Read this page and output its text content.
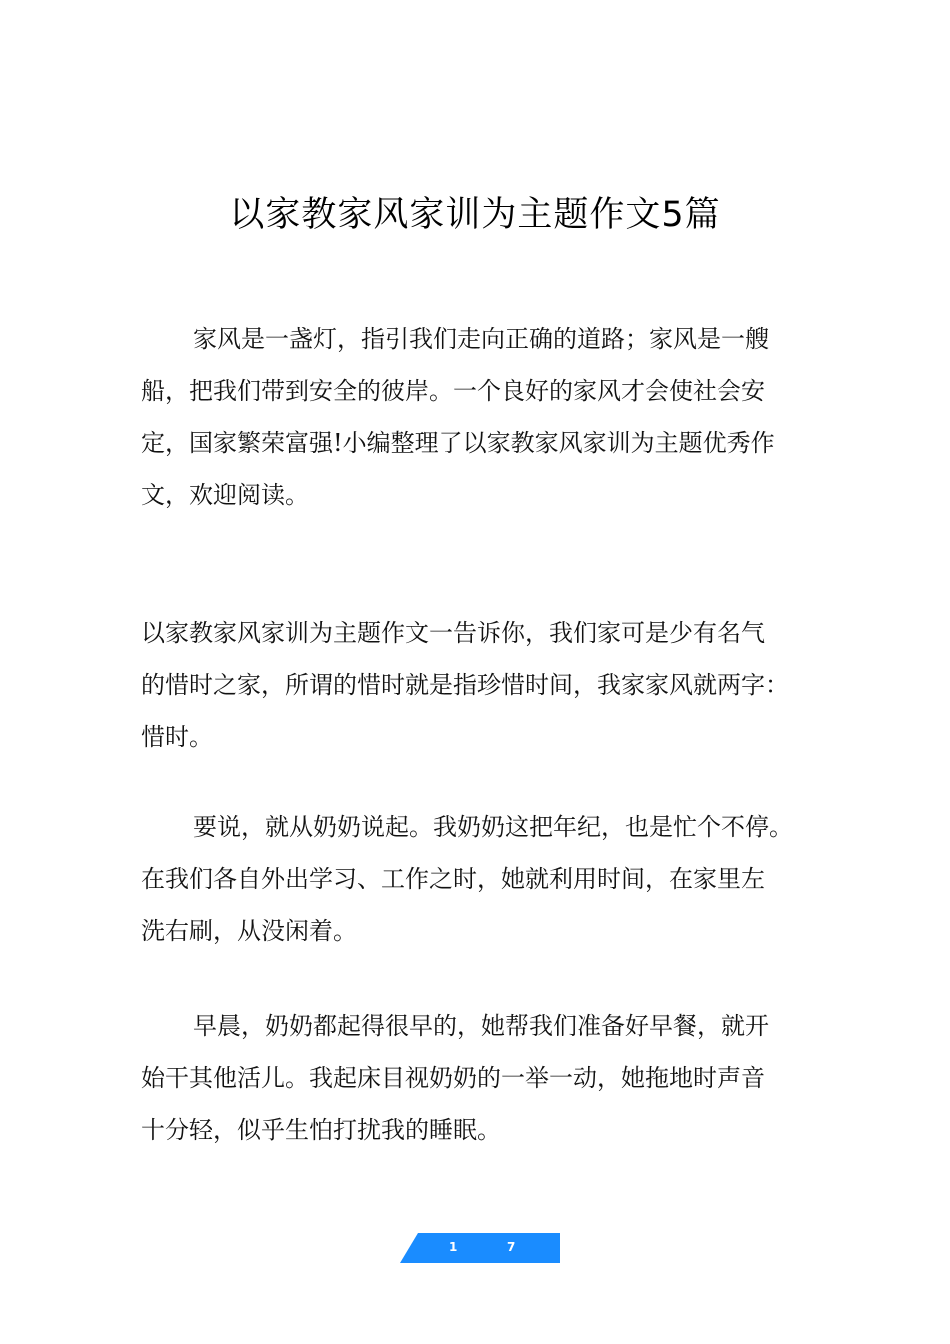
以家教家风家训为主题作文5篇
家风是一盏灯，指引我们走向正确的道路；家风是一艘
船，把我们带到安全的彼岸。一个良好的家风才会使社会安
定，国家繁荣富强!小编整理了以家教家风家训为主题优秀作
文，欢迎阅读。
以家教家风家训为主题作文一告诉你，我们家可是少有名气
的惜时之家，所谓的惜时就是指珍惜时间，我家家风就两字：
惜时。
要说，就从奶奶说起。我奶奶这把年纪，也是忙个不停。
在我们各自外出学习、工作之时，她就利用时间，在家里左
洗右刷，从没闲着。
早晨，奶奶都起得很早的，她帮我们准备好早餐，就开
始干其他活儿。我起床目视奶奶的一举一动，她拖地时声音
十分轻，似乎生怕打扰我的睡眠。
1	7
